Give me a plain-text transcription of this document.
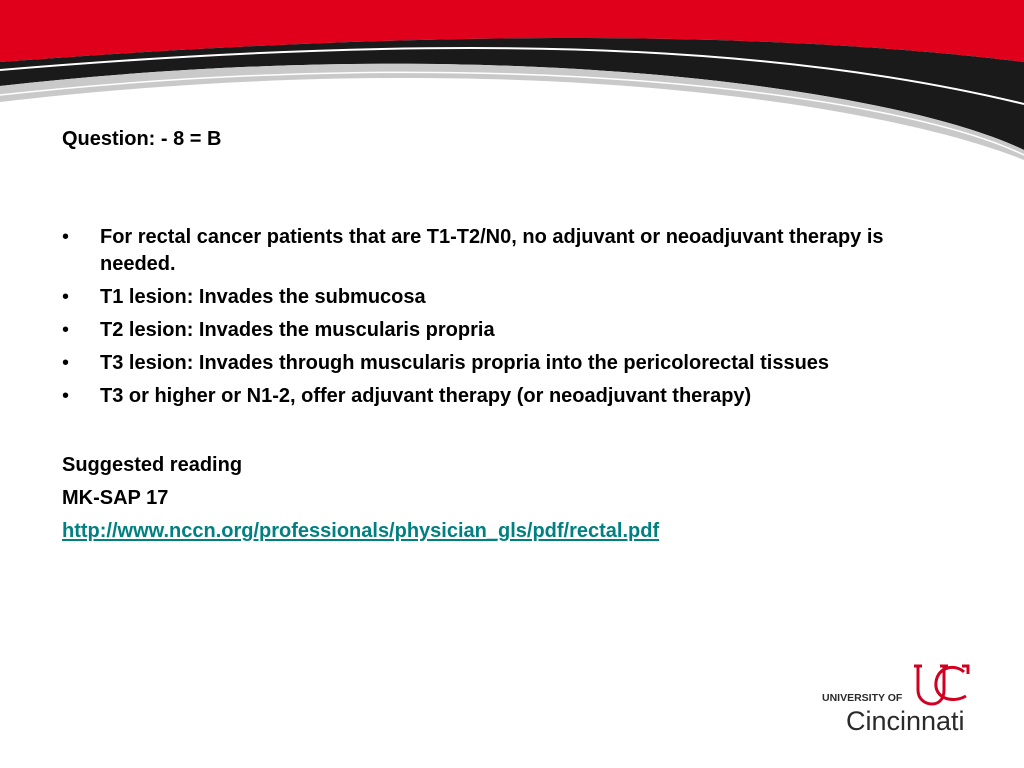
Question: - 8 = B
•	For rectal cancer patients that are T1-T2/N0, no adjuvant or neoadjuvant therapy is needed.
•	T1 lesion: Invades the submucosa
•	T2 lesion: Invades the muscularis propria
•	T3 lesion: Invades through muscularis propria into the pericolorectal tissues
•	T3 or higher or N1-2, offer adjuvant therapy (or neoadjuvant therapy)
Suggested reading
MK-SAP 17
http://www.nccn.org/professionals/physician_gls/pdf/rectal.pdf
UNIVERSITY OF
Cincinnati
